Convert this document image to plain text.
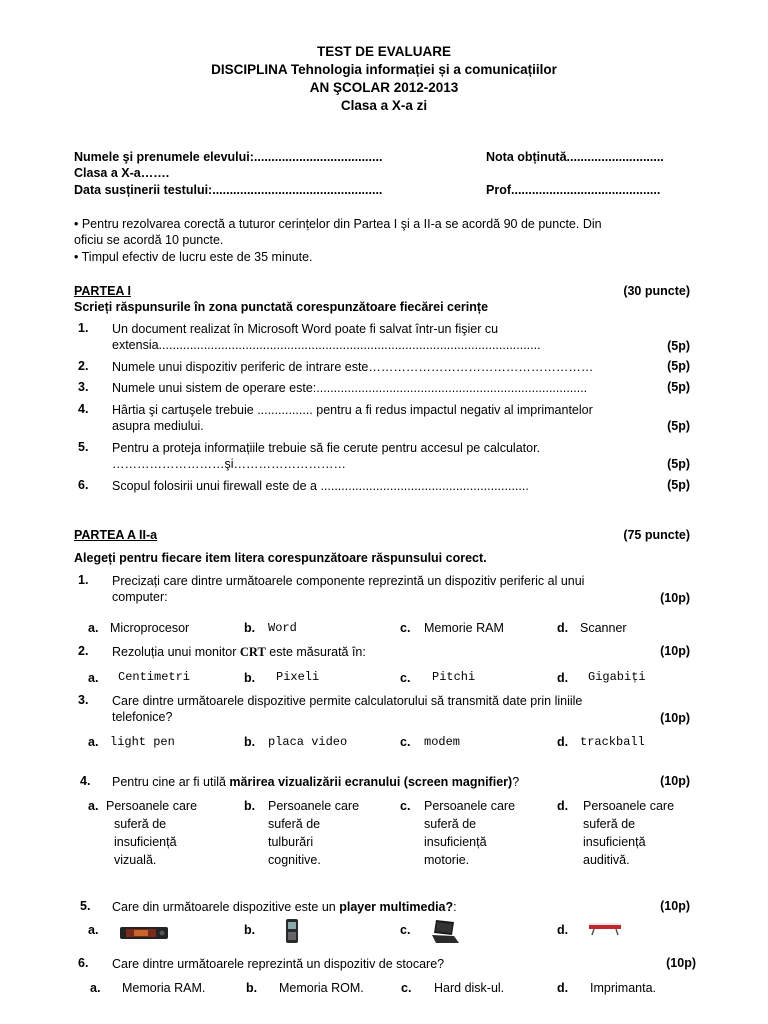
TEST DE EVALUARE
DISCIPLINA Tehnologia informației și a comunicațiilor
AN ŞCOLAR 2012-2013
Clasa a X-a zi
Numele şi prenumele elevului:.....................................	Nota obținută............................
Clasa a X-a…….
Data susținerii testului:.................................................	Prof...........................................
• Pentru rezolvarea corectă a tuturor cerințelor din Partea I şi a II-a se acordă 90 de puncte. Din
oficiu se acordă 10 puncte.
• Timpul efectiv de lucru este de 35 minute.
PARTEA I	(30 puncte)
Scrieți răspunsurile în zona punctată corespunzătoare fiecărei cerințe
1. Un document realizat în Microsoft Word poate fi salvat într-un fişier cu
extensia..............................................................................................................	(5p)
2. Numele unui dispozitiv periferic de intrare este………………………………………………	(5p)
3. Numele unui sistem de operare este:..............................................................................	(5p)
4. Hârtia şi cartuşele trebuie ................ pentru a fi redus impactul negativ al imprimantelor
asupra mediului.	(5p)
5. Pentru a proteja informațiile trebuie să fie cerute pentru accesul pe calculator.
………………………şi………………………	(5p)
6. Scopul folosirii unui firewall este de a ............................................................	(5p)
PARTEA A II-a	(75 puncte)
Alegeți pentru fiecare item litera corespunzătoare răspunsului corect.
1. Precizați care dintre următoarele componente reprezintă un dispozitiv periferic al unui
computer:	(10p)
a. Microprocesor	b. Word	c. Memorie RAM	d. Scanner
2. Rezoluția unui monitor CRT este măsurată în:	(10p)
a. Centimetri	b. Pixeli	c. Pitchi	d. Gigabiți
3. Care dintre următoarele dispozitive permite calculatorului să transmită date prin liniile
telefonice?	(10p)
a. light pen	b. placa video	c. modem	d. trackball
4. Pentru cine ar fi utilă mărirea vizualizării ecranului (screen magnifier)?	(10p)
a. Persoanele care
suferă de
insuficiență
vizuală.
b. Persoanele care
suferă de
tulburări
cognitive.
c. Persoanele care
suferă de
insuficiență
motorie.
d. Persoanele care
suferă de
insuficiență
auditivă.
5. Care din următoarele dispozitive este un player multimedia?:	(10p)
a.	b.	c.	d.
6. Care dintre următoarele reprezintă un dispozitiv de stocare?	(10p)
a. Memoria RAM.	b. Memoria ROM.	c. Hard disk-ul.	d. Imprimanta.
